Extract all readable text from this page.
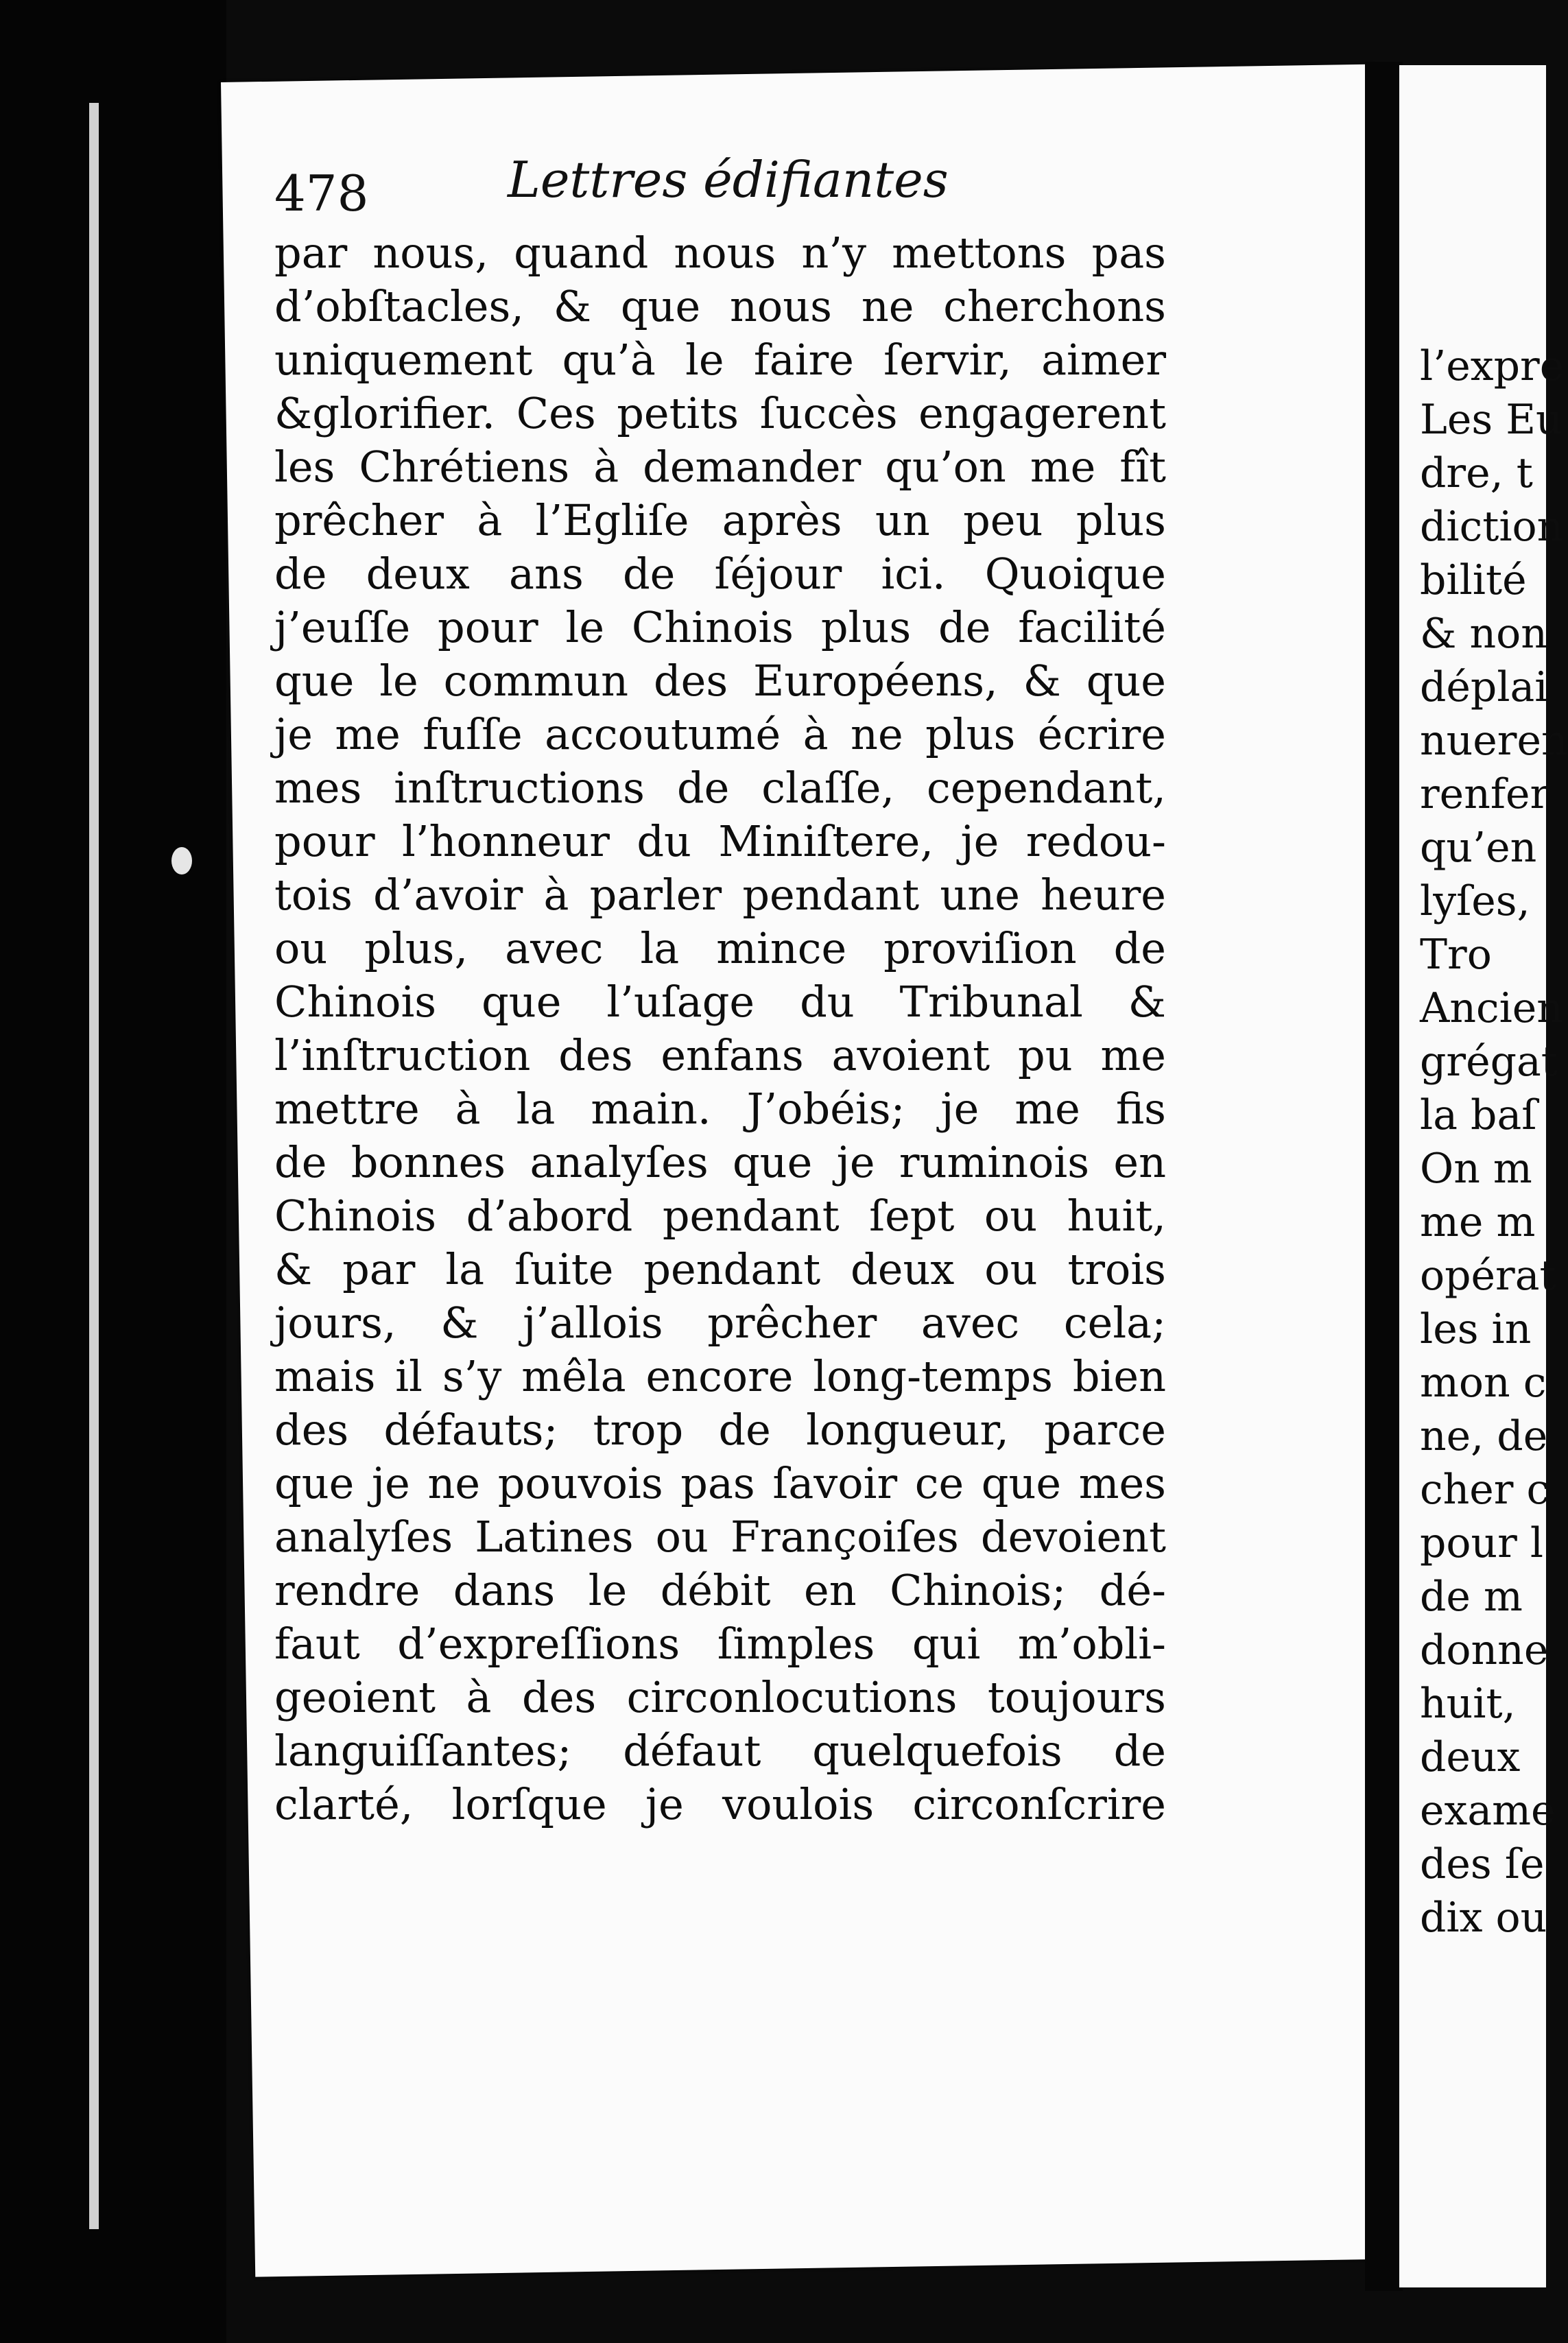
l’expre
Les Eu
dre, t
diction
bilité
& non
déplai
nueren
renfer
qu’en
lyſes,
Tro
Ancien
grégat
la baſ
On m
me m
opérat
les in
mon c
ne, de
cher c
pour l
de m
donne
huit,
deux
exame
des ſe
dix ou
478	Lettres édifiantes
par nous, quand nous n’y mettons pas
d’obſtacles, & que nous ne cherchons
uniquement qu’à le faire ſervir, aimer
&glorifier. Ces petits ſuccès engagerent
les Chrétiens à demander qu’on me fît
prêcher à l’Egliſe après un peu plus
de deux ans de ſéjour ici. Quoique
j’euſſe pour le Chinois plus de facilité
que le commun des Européens, & que
je me fuſſe accoutumé à ne plus écrire
mes inſtructions de claſſe, cependant,
pour l’honneur du Miniſtere, je redou-
tois d’avoir à parler pendant une heure
ou plus, avec la mince proviſion de
Chinois que l’uſage du Tribunal &
l’inſtruction des enfans avoient pu me
mettre à la main. J’obéis; je me fis
de bonnes analyſes que je ruminois en
Chinois d’abord pendant ſept ou huit,
& par la ſuite pendant deux ou trois
jours, & j’allois prêcher avec cela;
mais il s’y mêla encore long-temps bien
des défauts; trop de longueur, parce
que je ne pouvois pas ſavoir ce que mes
analyſes Latines ou Françoiſes devoient
rendre dans le débit en Chinois; dé-
faut d’expreſſions ſimples qui m’obli-
geoient à des circonlocutions toujours
languiſſantes; défaut quelquefois de
clarté, lorſque je voulois circonſcrire
